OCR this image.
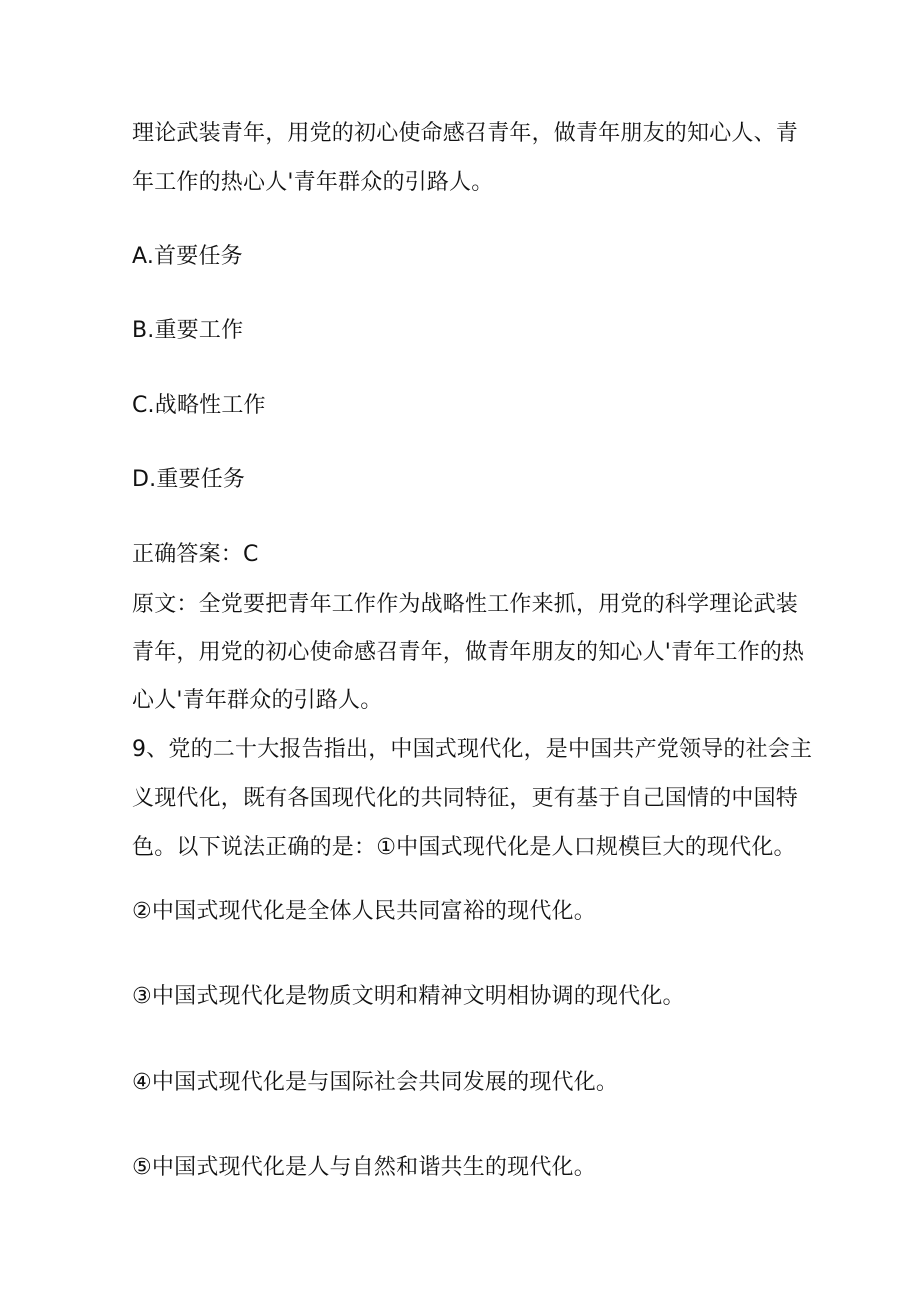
理论武装青年，用党的初心使命感召青年，做青年朋友的知心人、青
年工作的热心人'青年群众的引路人。
A.首要任务
B.重要工作
C.战略性工作
D.重要任务
正确答案：C
原文：全党要把青年工作作为战略性工作来抓，用党的科学理论武装
青年，用党的初心使命感召青年，做青年朋友的知心人'青年工作的热
心人'青年群众的引路人。
9、党的二十大报告指出，中国式现代化，是中国共产党领导的社会主
义现代化，既有各国现代化的共同特征，更有基于自己国情的中国特
色。以下说法正确的是：①中国式现代化是人口规模巨大的现代化。
②中国式现代化是全体人民共同富裕的现代化。
③中国式现代化是物质文明和精神文明相协调的现代化。
④中国式现代化是与国际社会共同发展的现代化。
⑤中国式现代化是人与自然和谐共生的现代化。
